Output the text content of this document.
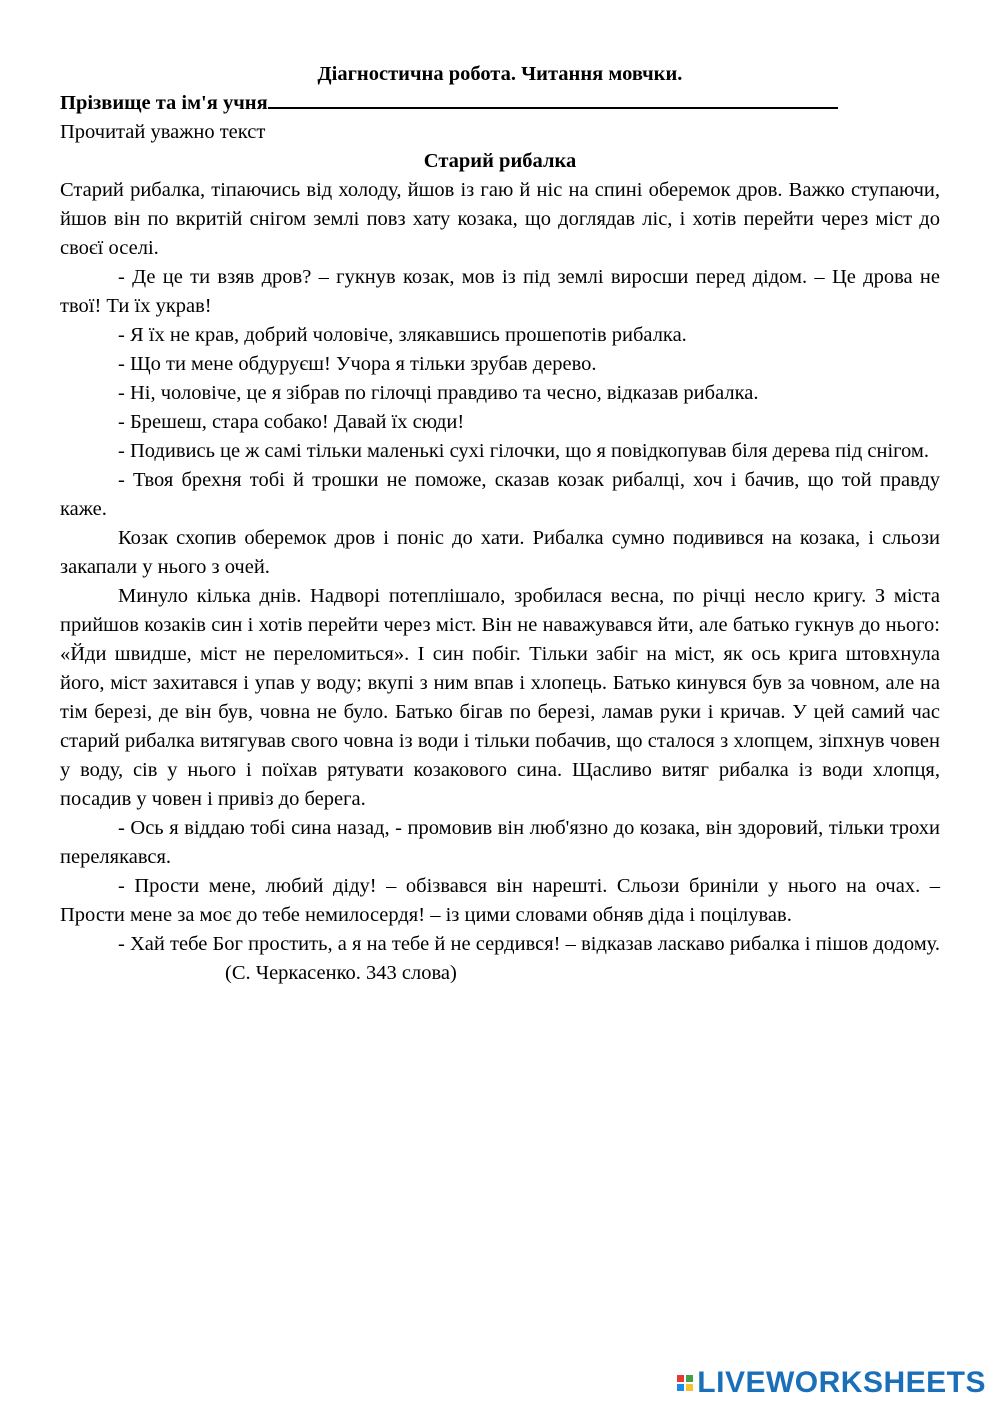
Діагностична робота. Читання мовчки.

Прізвище та ім'я учня

Прочитай уважно текст

Старий рибалка

Старий рибалка, тіпаючись від холоду, йшов із гаю й ніс на спині оберемок дров. Важко ступаючи, йшов він по вкритій снігом землі повз хату козака, що доглядав ліс, і хотів перейти через міст до своєї оселі.

- Де це ти взяв дров? – гукнув козак, мов із під землі виросши перед дідом. – Це дрова не твої! Ти їх украв!

- Я їх не крав, добрий чоловіче, злякавшись прошепотів рибалка.

- Що ти мене обдуруєш! Учора я тільки зрубав дерево.

- Ні, чоловіче, це я зібрав по гілочці правдиво та чесно, відказав рибалка.

- Брешеш, стара собако! Давай їх сюди!

- Подивись це ж самі тільки маленькі сухі гілочки, що я повідкопував біля дерева під снігом.

- Твоя брехня тобі й трошки не поможе, сказав козак рибалці, хоч і бачив, що той правду каже.

Козак схопив оберемок дров і поніс до хати. Рибалка сумно подивився на козака, і сльози закапали у нього з очей.

Минуло кілька днів. Надворі потеплішало, зробилася весна, по річці несло кригу. З міста прийшов козаків син і хотів перейти через міст. Він не наважувався йти, але батько гукнув до нього: «Йди швидше, міст не переломиться». І син побіг. Тільки забіг на міст, як ось крига штовхнула його, міст захитався і упав у воду; вкупі з ним впав і хлопець. Батько кинувся був за човном, але на тім березі, де він був, човна не було. Батько бігав по березі, ламав руки і кричав. У цей самий час старий рибалка витягував свого човна із води і тільки побачив, що сталося з хлопцем, зіпхнув човен у воду, сів у нього і поїхав рятувати козакового сина. Щасливо витяг рибалка із води хлопця, посадив у човен і привіз до берега.

- Ось я віддаю тобі сина назад, - промовив він люб'язно до козака, він здоровий, тільки трохи перелякався.

- Прости мене, любий діду! – обізвався він нарешті. Сльози бриніли у нього на очах. – Прости мене за моє до тебе немилосердя! – із цими словами обняв діда і поцілував.

- Хай тебе Бог простить, а я на тебе й не сердився! – відказав ласкаво рибалка і пішов додому.(С. Черкасенко. 343 слова)

LIVEWORKSHEETS
